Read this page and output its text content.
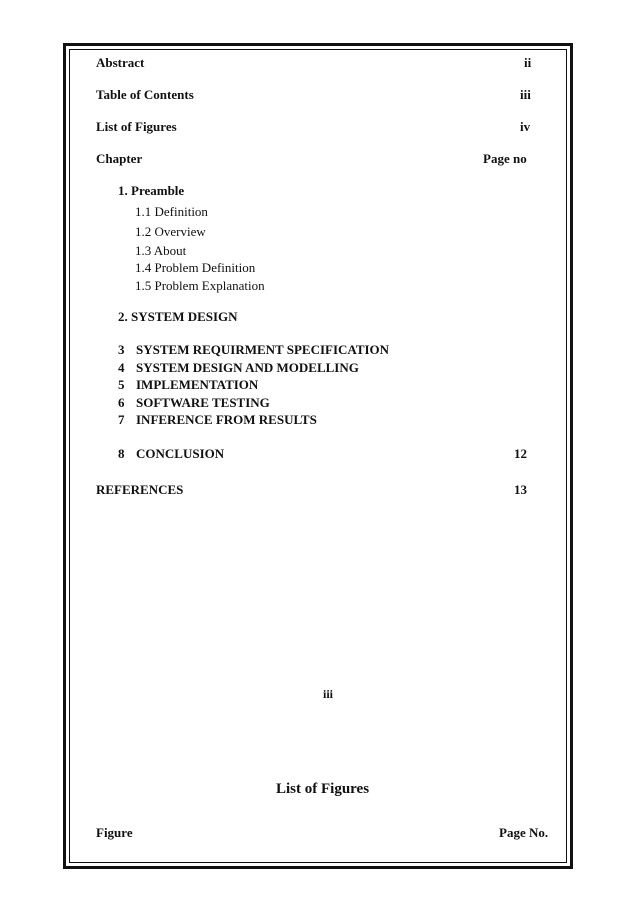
Abstract	ii
Table of Contents	iii
List of Figures	iv
Chapter	Page no
1. Preamble
1.1 Definition
1.2 Overview
1.3 About
1.4 Problem Definition
1.5 Problem Explanation
2. SYSTEM DESIGN
3 SYSTEM REQUIRMENT SPECIFICATION
4 SYSTEM DESIGN AND MODELLING
5 IMPLEMENTATION
6 SOFTWARE TESTING
7 INFERENCE FROM RESULTS
8 CONCLUSION	12
REFERENCES	13
iii
List of Figures
Figure	Page No.
